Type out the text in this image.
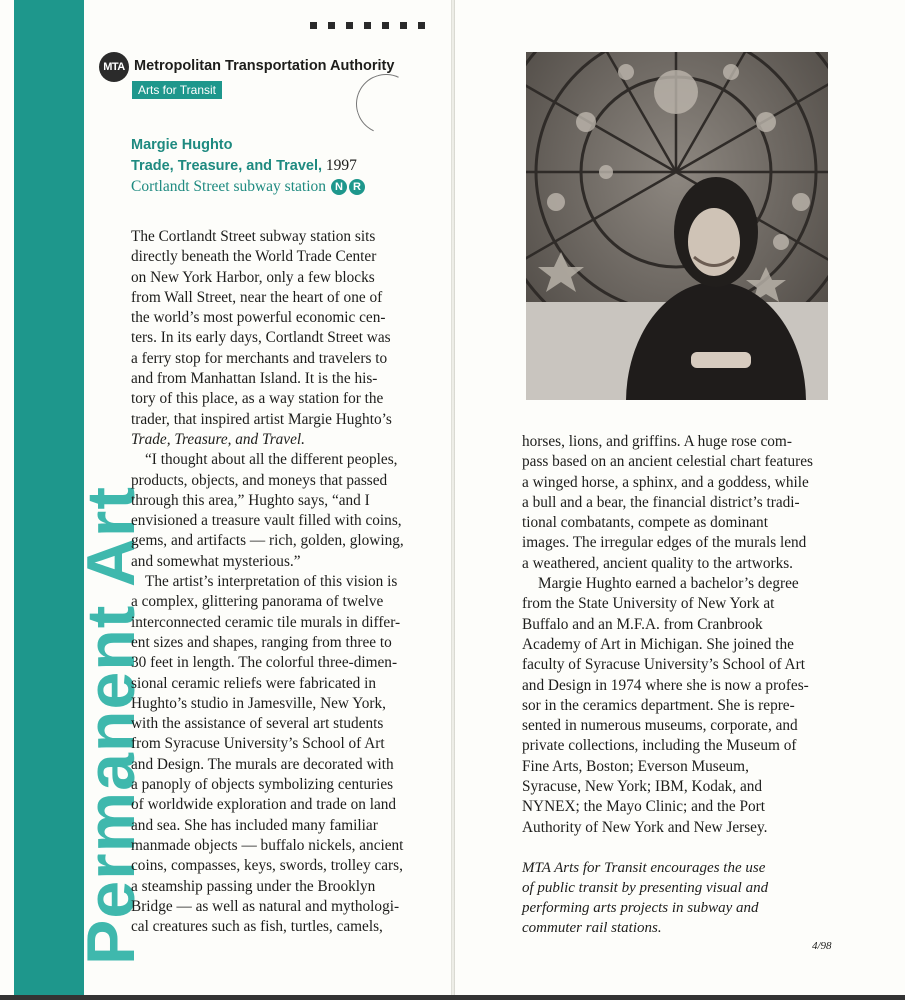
Permanent Art
MTA Metropolitan Transportation Authority
Arts for Transit
Margie Hughto
Trade, Treasure, and Travel, 1997
Cortlandt Street subway station N R
The Cortlandt Street subway station sits
directly beneath the World Trade Center
on New York Harbor, only a few blocks
from Wall Street, near the heart of one of
the world’s most powerful economic cen-
ters. In its early days, Cortlandt Street was
a ferry stop for merchants and travelers to
and from Manhattan Island. It is the his-
tory of this place, as a way station for the
trader, that inspired artist Margie Hughto’s
Trade, Treasure, and Travel.
“I thought about all the different peoples,
products, objects, and moneys that passed
through this area,” Hughto says, “and I
envisioned a treasure vault filled with coins,
gems, and artifacts — rich, golden, glowing,
and somewhat mysterious.”
The artist’s interpretation of this vision is
a complex, glittering panorama of twelve
interconnected ceramic tile murals in differ-
ent sizes and shapes, ranging from three to
30 feet in length. The colorful three-dimen-
sional ceramic reliefs were fabricated in
Hughto’s studio in Jamesville, New York,
with the assistance of several art students
from Syracuse University’s School of Art
and Design. The murals are decorated with
a panoply of objects symbolizing centuries
of worldwide exploration and trade on land
and sea. She has included many familiar
manmade objects — buffalo nickels, ancient
coins, compasses, keys, swords, trolley cars,
a steamship passing under the Brooklyn
Bridge — as well as natural and mythologi-
cal creatures such as fish, turtles, camels,
horses, lions, and griffins. A huge rose com-
pass based on an ancient celestial chart features
a winged horse, a sphinx, and a goddess, while
a bull and a bear, the financial district’s tradi-
tional combatants, compete as dominant
images. The irregular edges of the murals lend
a weathered, ancient quality to the artworks.
Margie Hughto earned a bachelor’s degree
from the State University of New York at
Buffalo and an M.F.A. from Cranbrook
Academy of Art in Michigan. She joined the
faculty of Syracuse University’s School of Art
and Design in 1974 where she is now a profes-
sor in the ceramics department. She is repre-
sented in numerous museums, corporate, and
private collections, including the Museum of
Fine Arts, Boston; Everson Museum,
Syracuse, New York; IBM, Kodak, and
NYNEX; the Mayo Clinic; and the Port
Authority of New York and New Jersey.
MTA Arts for Transit encourages the use
of public transit by presenting visual and
performing arts projects in subway and
commuter rail stations.
4/98
